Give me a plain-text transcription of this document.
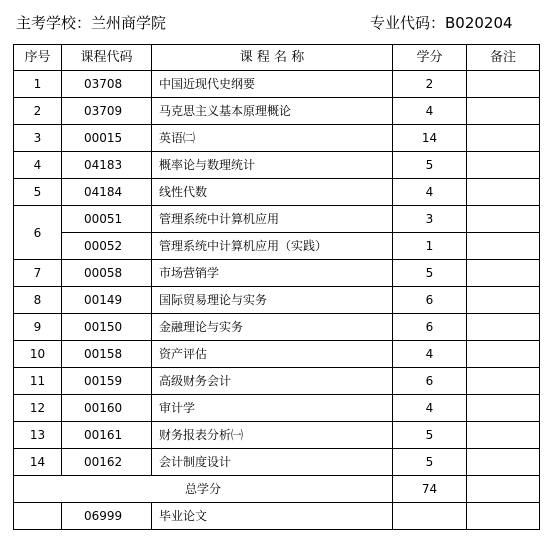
主考学校：兰州商学院	专业代码：B020204
序号	课程代码	课 程 名 称	学分	备注
1	03708	中国近现代史纲要	2	
2	03709	马克思主义基本原理概论	4	
3	00015	英语㈡	14	
4	04183	概率论与数理统计	5	
5	04184	线性代数	4	
6	00051	管理系统中计算机应用	3	
	00052	管理系统中计算机应用（实践）	1	
7	00058	市场营销学	5	
8	00149	国际贸易理论与实务	6	
9	00150	金融理论与实务	6	
10	00158	资产评估	4	
11	00159	高级财务会计	6	
12	00160	审计学	4	
13	00161	财务报表分析㈠	5	
14	00162	会计制度设计	5	
总学分			74	
	06999	毕业论文		
